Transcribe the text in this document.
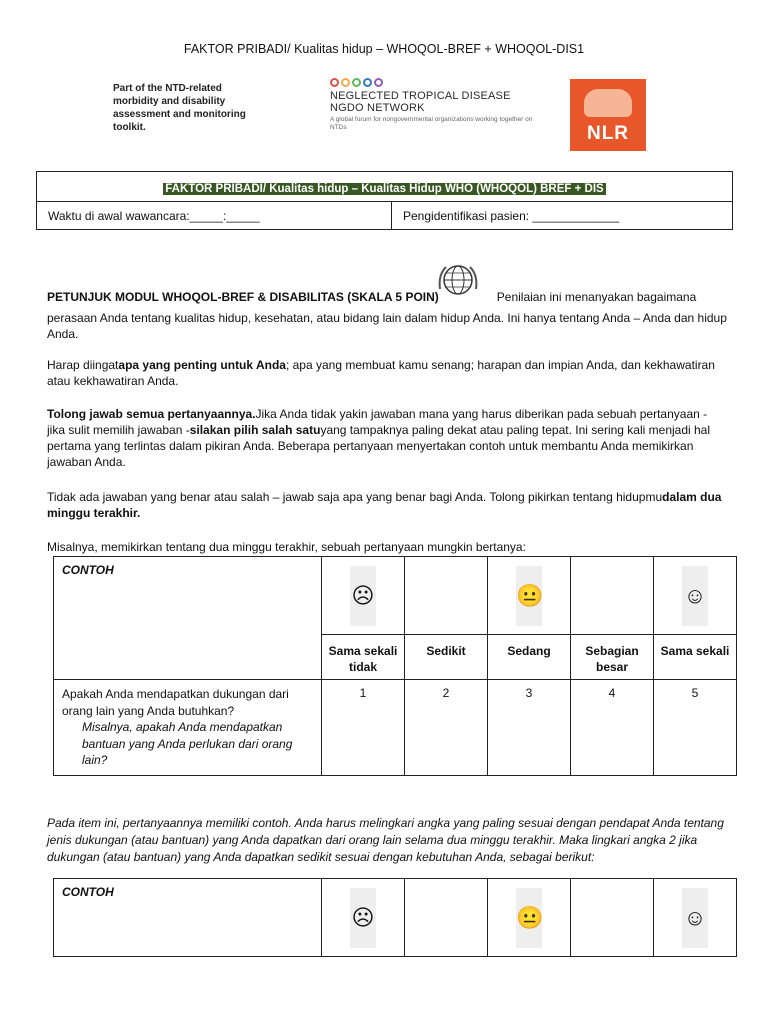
FAKTOR PRIBADI/ Kualitas hidup – WHOQOL-BREF + WHOQOL-DIS1
Part of the NTD-related morbidity and disability assessment and monitoring toolkit.
NEGLECTED TROPICAL DISEASE
NGDO NETWORK
A global forum for nongovernmental organizations working together on NTDs	NLR
FAKTOR PRIBADI/ Kualitas hidup – Kualitas Hidup WHO (WHOQOL) BREF + DIS
Waktu di awal wawancara:_____:_____	Pengidentifikasi pasien: _____________
PETUNJUK MODUL WHOQOL-BREF & DISABILITAS (SKALA 5 POIN)	Penilaian ini menanyakan bagaimana
perasaan Anda tentang kualitas hidup, kesehatan, atau bidang lain dalam hidup Anda. Ini hanya tentang Anda – Anda dan hidup Anda.
Harap diingatapa yang penting untuk Anda; apa yang membuat kamu senang; harapan dan impian Anda, dan kekhawatiran atau kekhawatiran Anda.
Tolong jawab semua pertanyaannya.Jika Anda tidak yakin jawaban mana yang harus diberikan pada sebuah pertanyaan - jika sulit memilih jawaban -silakan pilih salah satuyang tampaknya paling dekat atau paling tepat. Ini sering kali menjadi hal pertama yang terlintas dalam pikiran Anda. Beberapa pertanyaan menyertakan contoh untuk membantu Anda memikirkan jawaban Anda.
Tidak ada jawaban yang benar atau salah – jawab saja apa yang benar bagi Anda. Tolong pikirkan tentang hidupmudalam dua minggu terakhir.
Misalnya, memikirkan tentang dua minggu terakhir, sebuah pertanyaan mungkin bertanya:
CONTOH	☹		😐		☺
	Sama sekali tidak	Sedikit	Sedang	Sebagian besar	Sama sekali

Apakah Anda mendapatkan dukungan dari orang lain yang Anda butuhkan?
Misalnya, apakah Anda mendapatkan bantuan yang Anda perlukan dari orang lain?	1	2	3	4	5
Pada item ini, pertanyaannya memiliki contoh. Anda harus melingkari angka yang paling sesuai dengan pendapat Anda tentang jenis dukungan (atau bantuan) yang Anda dapatkan dari orang lain selama dua minggu terakhir. Maka lingkari angka 2 jika dukungan (atau bantuan) yang Anda dapatkan sedikit sesuai dengan kebutuhan Anda, sebagai berikut:
CONTOH	☹		😐		☺
